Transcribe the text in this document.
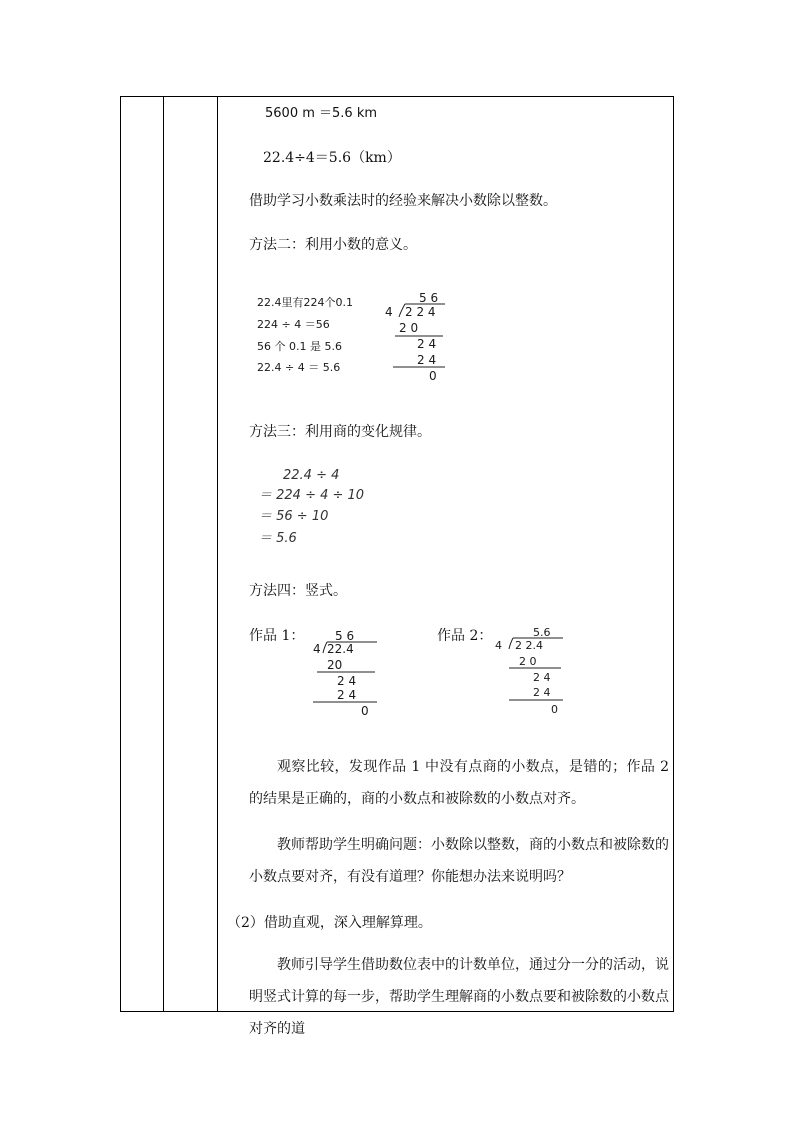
5600 m ＝5.6 km
22.4÷4＝5.6（km）
借助学习小数乘法时的经验来解决小数除以整数。
方法二：利用小数的意义。
22.4里有224个0.1
224 ÷ 4 ＝56
56 个 0.1 是 5.6
22.4 ÷ 4 ＝ 5.6
5 6
4 2 2 4
2 0
2 4
2 4
0
方法三：利用商的变化规律。
22.4 ÷ 4
＝ 224 ÷ 4 ÷ 10
＝ 56 ÷ 10
＝ 5.6
方法四：竖式。
作品 1：	5 6
4 22.4
20
2 4
2 4
0
作品 2：	5.6
4 2 2.4
2 0
2 4
2 4
0
观察比较，发现作品 1 中没有点商的小数点，是错的；作品 2 的结果是正确的，商的小数点和被除数的小数点对齐。
教师帮助学生明确问题：小数除以整数，商的小数点和被除数的小数点要对齐，有没有道理？你能想办法来说明吗？
（2）借助直观，深入理解算理。
教师引导学生借助数位表中的计数单位，通过分一分的活动，说明竖式计算的每一步，帮助学生理解商的小数点要和被除数的小数点对齐的道
